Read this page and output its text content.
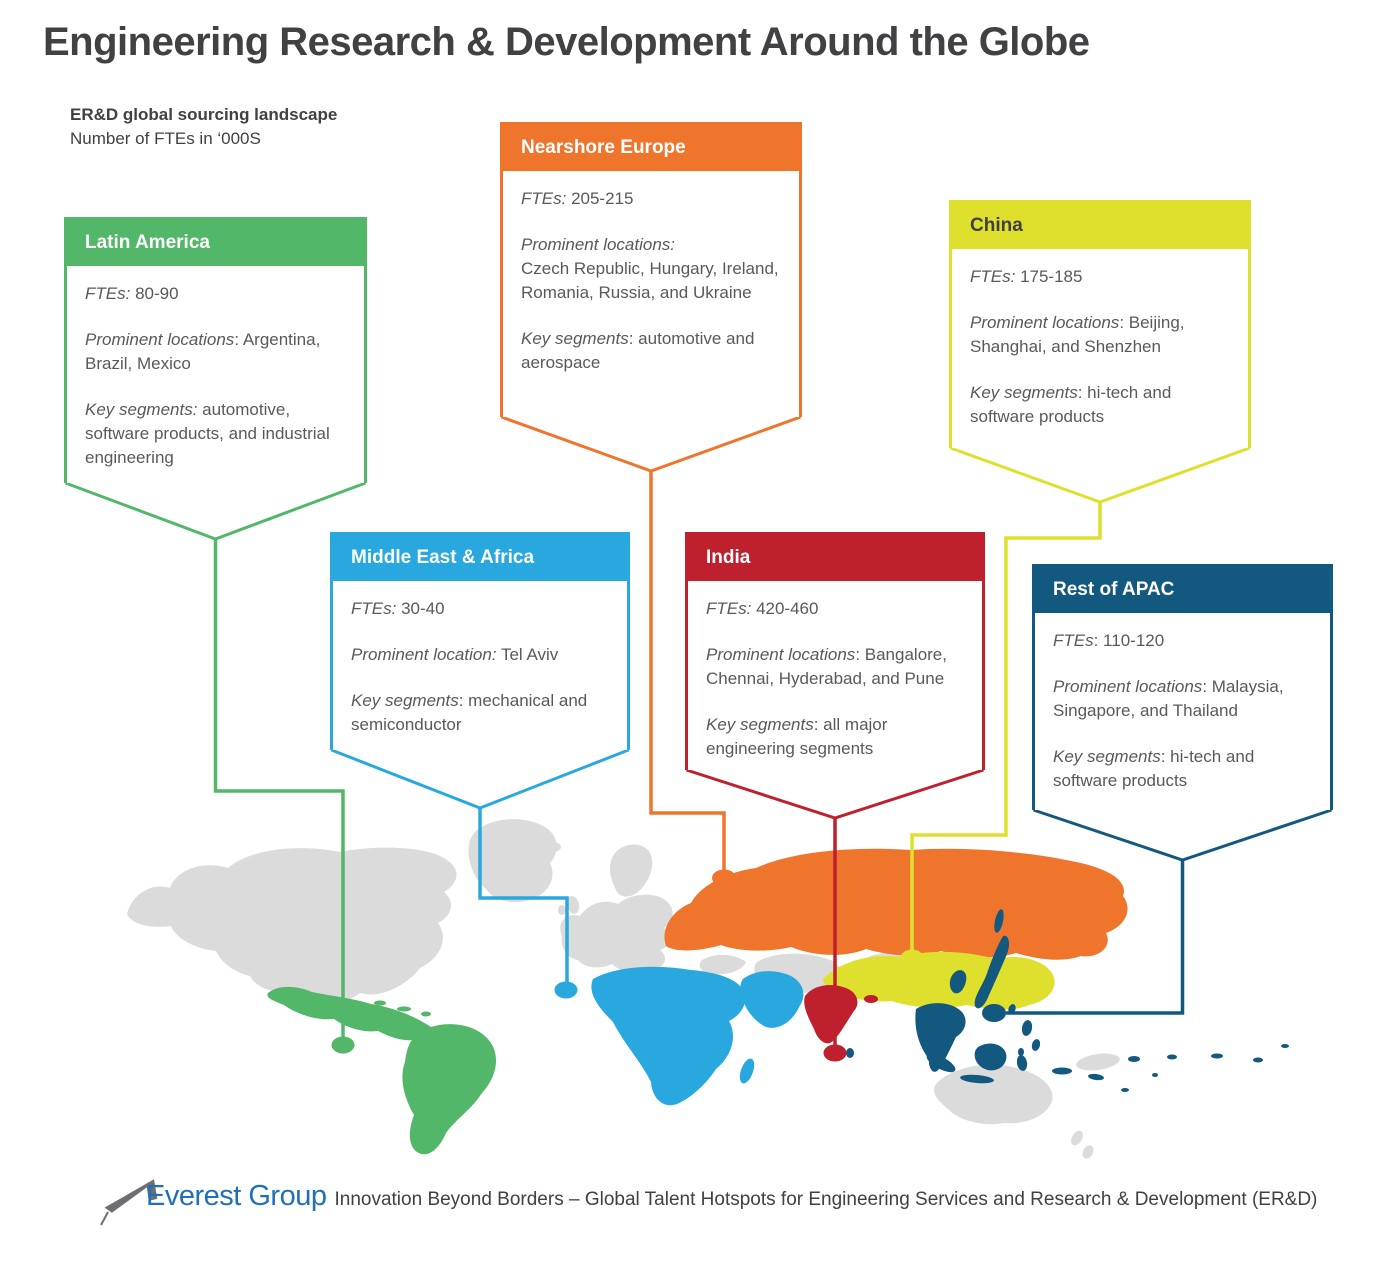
Engineering Research & Development Around the Globe
ER&D global sourcing landscape
Number of FTEs in ‘000S
Latin America

FTEs: 80-90

Prominent locations: Argentina, Brazil, Mexico

Key segments: automotive, software products, and industrial engineering

Nearshore Europe

FTEs: 205-215

Prominent locations:
Czech Republic, Hungary, Ireland, Romania, Russia, and Ukraine

Key segments: automotive and aerospace

China

FTEs: 175-185

Prominent locations: Beijing, Shanghai, and Shenzhen

Key segments: hi-tech and software products

Middle East & Africa

FTEs: 30-40

Prominent location: Tel Aviv

Key segments: mechanical and semiconductor

India

FTEs: 420-460

Prominent locations: Bangalore, Chennai, Hyderabad, and Pune

Key segments: all major engineering segments

Rest of APAC

FTEs: 110-120

Prominent locations: Malaysia, Singapore, and Thailand

Key segments: hi-tech and software products

Everest Group Innovation Beyond Borders – Global Talent Hotspots for Engineering Services and Research & Development (ER&D)
